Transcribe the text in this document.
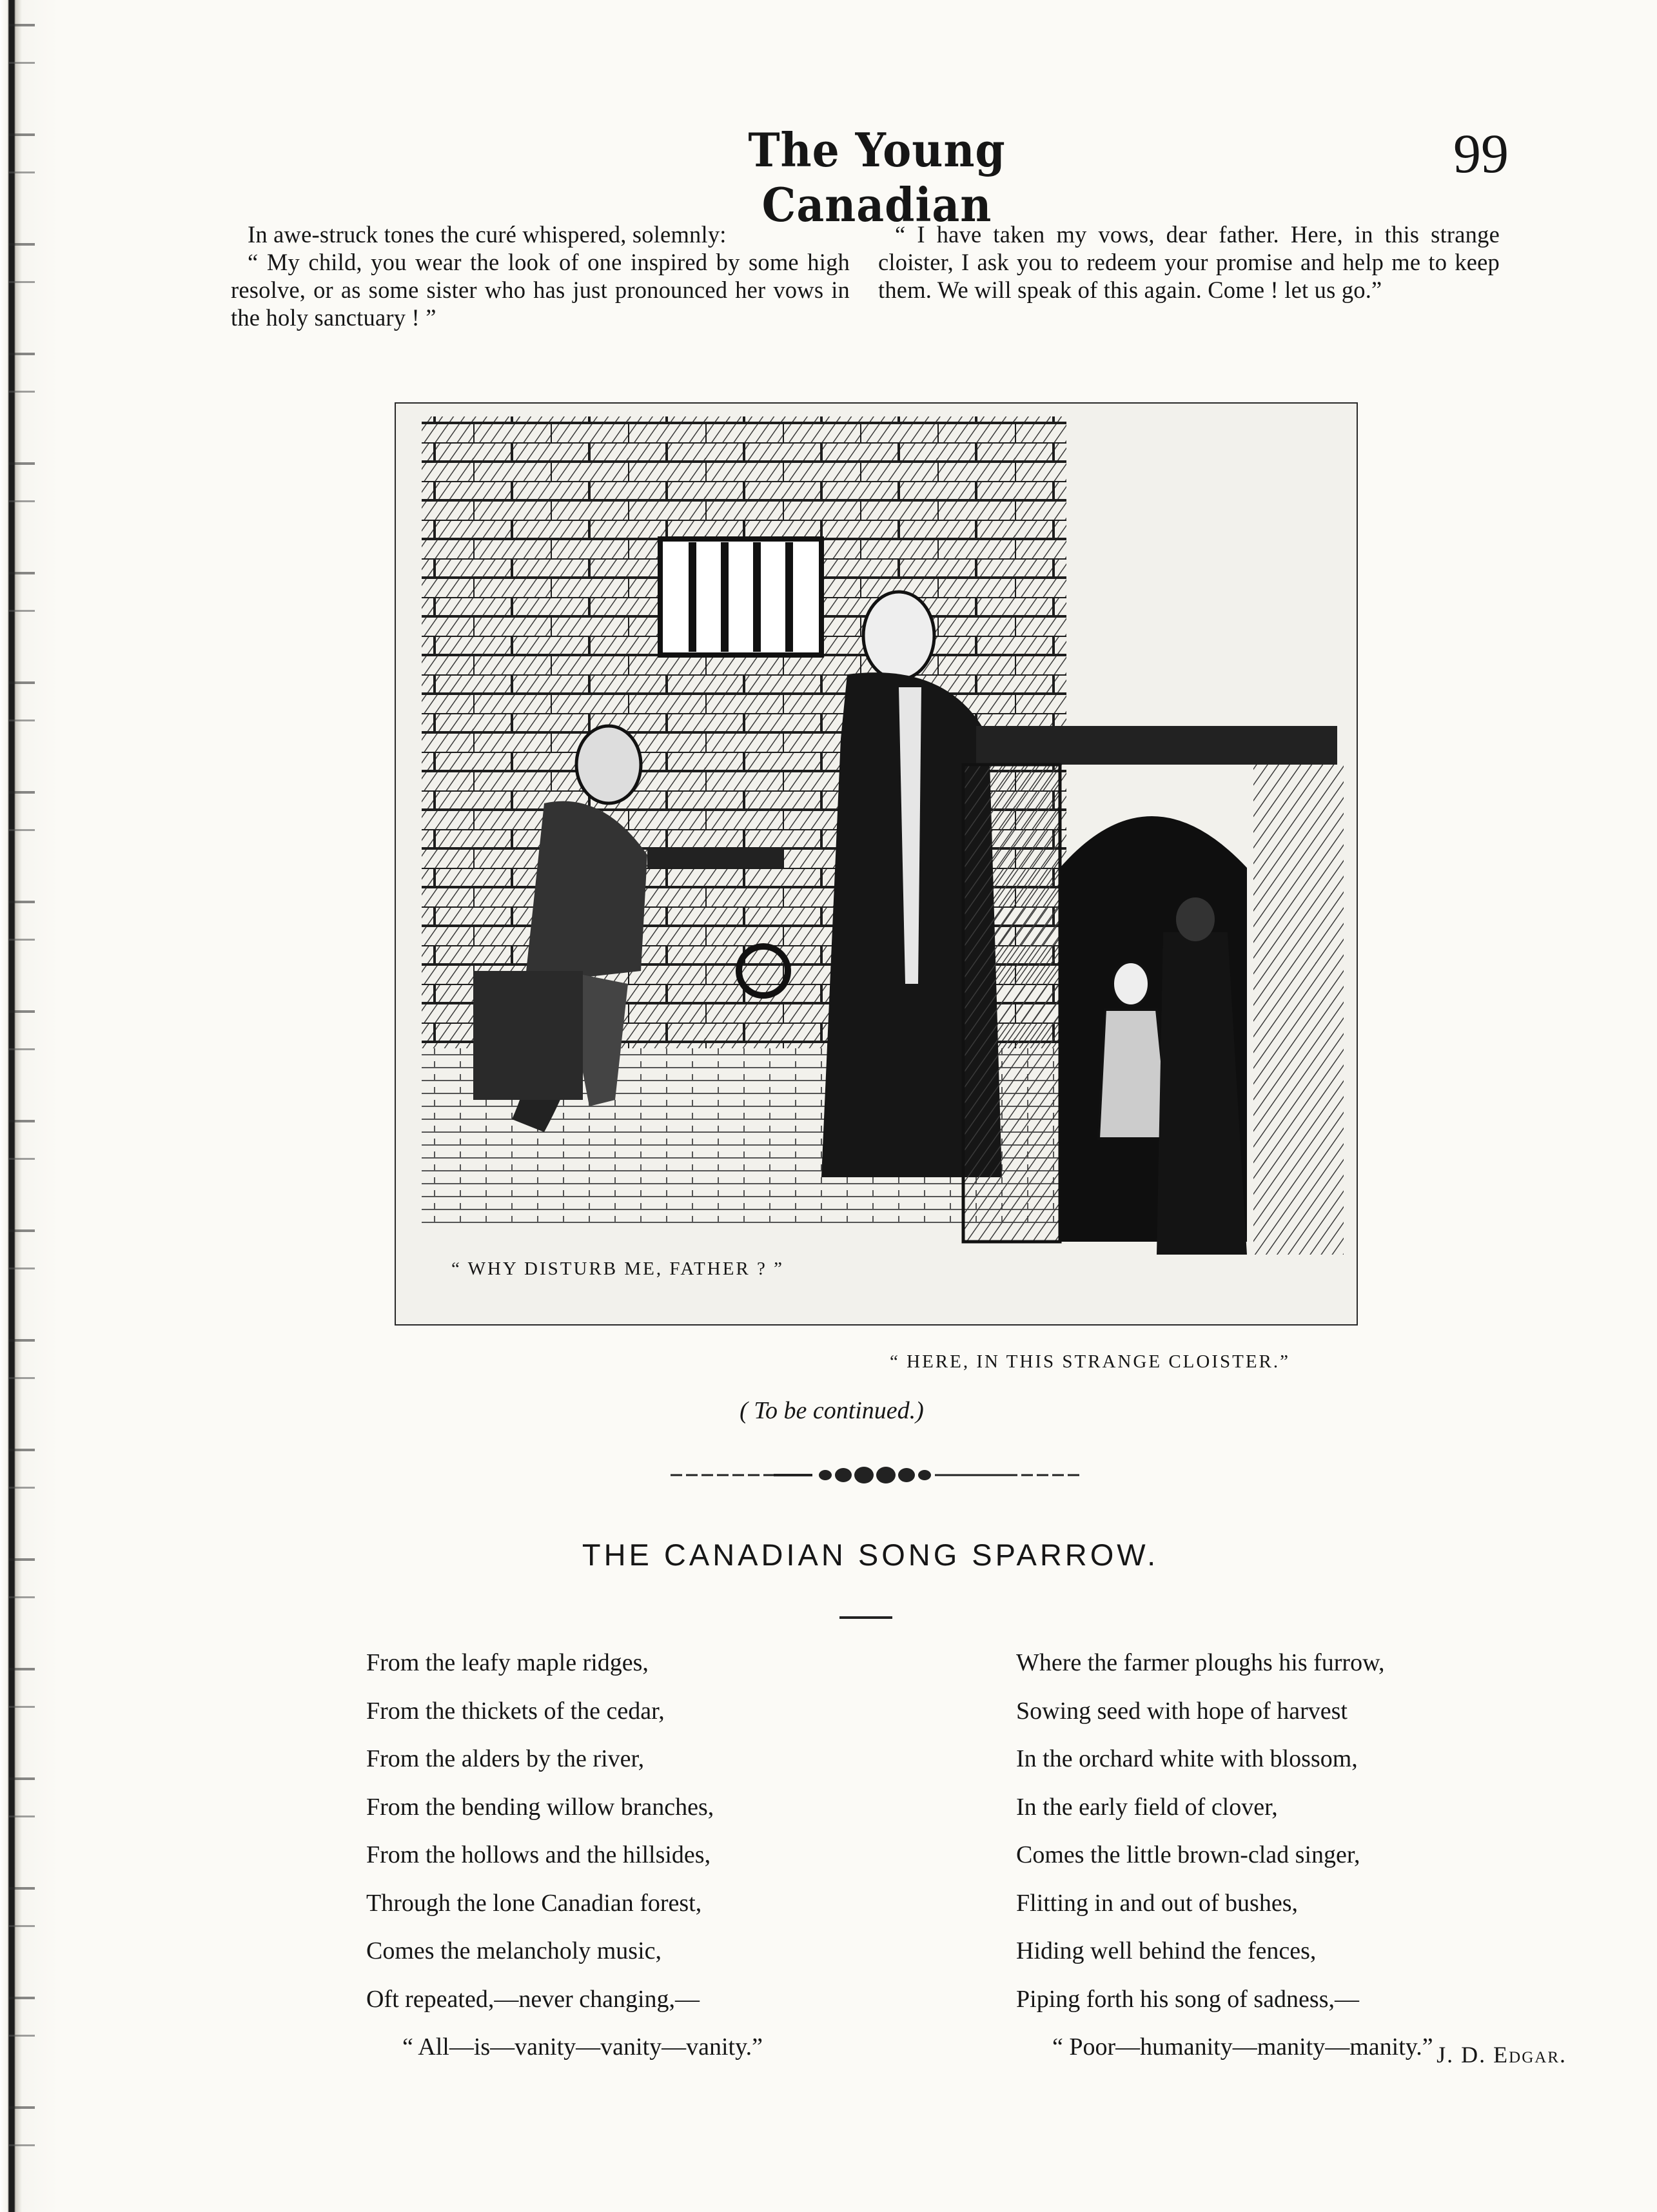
The Young Canadian
99

In awe-struck tones the curé whispered, solemnly:

“ My child, you wear the look of one inspired by some high resolve, or as some sister who has just pronounced her vows in the holy sanctuary ! ”

“ I have taken my vows, dear father. Here, in this strange cloister, I ask you to redeem your promise and help me to keep them. We will speak of this again. Come ! let us go.”

“ WHY DISTURB ME, FATHER ? ”
“ HERE, IN THIS STRANGE CLOISTER.”
( To be continued.)
THE CANADIAN SONG SPARROW.
From the leafy maple ridges,
From the thickets of the cedar,
From the alders by the river,
From the bending willow branches,
From the hollows and the hillsides,
Through the lone Canadian forest,
Comes the melancholy music,
Oft repeated,—never changing,—
“ All—is—vanity—vanity—vanity.”
Where the farmer ploughs his furrow,
Sowing seed with hope of harvest
In the orchard white with blossom,
In the early field of clover,
Comes the little brown-clad singer,
Flitting in and out of bushes,
Hiding well behind the fences,
Piping forth his song of sadness,—
“ Poor—humanity—manity—manity.” J. D. Edgar.
